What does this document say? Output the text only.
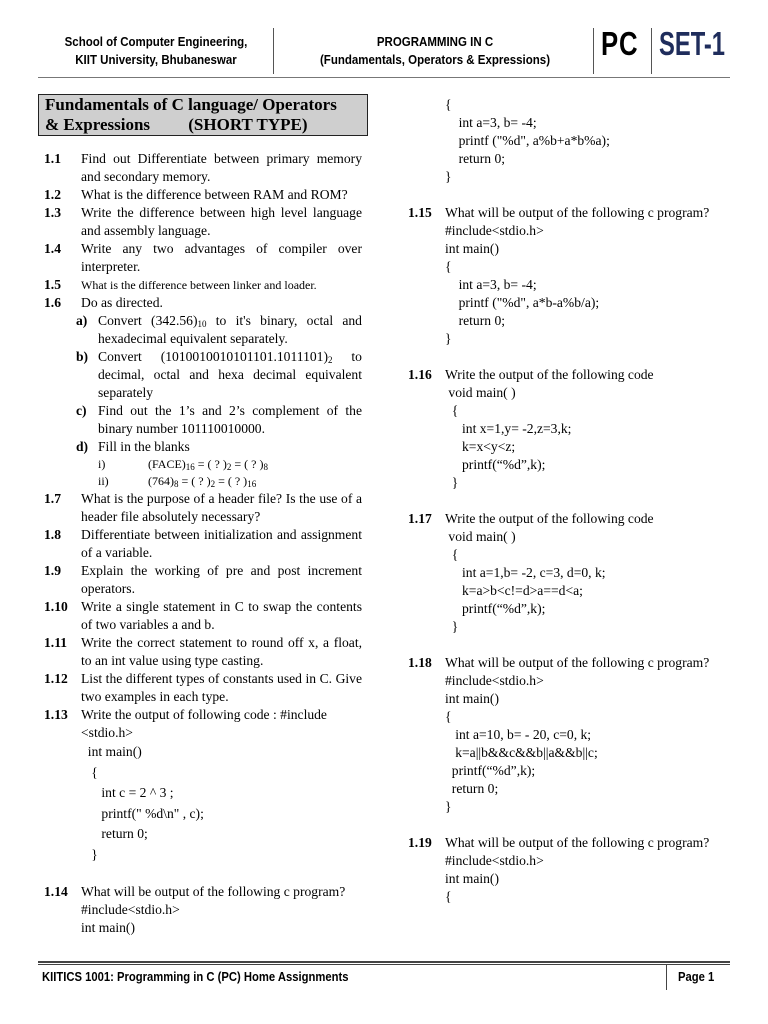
School of Computer Engineering,
KIIT University, Bhubaneswar
PROGRAMMING IN C
(Fundamentals, Operators & Expressions)	PC SET-1
Fundamentals of C language/ Operators
& Expressions         (SHORT TYPE)
1.1 Find out Differentiate between primary memory and secondary memory.
1.2 What is the difference between RAM and ROM?
1.3 Write the difference between high level language and assembly language.
1.4 Write any two advantages of compiler over interpreter.
1.5 What is the difference between linker and loader.
1.6 Do as directed.
a) Convert $(342.56)_{10}$ to it's binary, octal and hexadecimal equivalent separately.
b) Convert $(1010010010101101.1011101)_2$ to decimal, octal and hexa decimal equivalent separately
c) Find out the 1’s and 2’s complement of the binary number 101110010000.
d) Fill in the blanks
i)	$(FACE)_{16}$ = ( ? )$_2$ = ( ? )$_8$
ii)	$(764)_8$ = ( ? )$_2$ = ( ? )$_{16}$
1.7 What is the purpose of a header file? Is the use of a header file absolutely necessary?
1.8 Differentiate between initialization and assignment of a variable.
1.9 Explain the working of pre and post increment operators.
1.10 Write a single statement in C to swap the contents of two variables a and b.
1.11 Write the correct statement to round off x, a float, to an int value using type casting.
1.12 List the different types of constants used in C. Give two examples in each type.
1.13 Write the output of following code : #include <stdio.h>
int main()
{
int c = 2 ^ 3 ;
printf(" %d\n" , c);
return 0;
}
1.14 What will be output of the following c program?
#include<stdio.h>
int main()
{
int a=3, b= -4;
printf ("%d", a%b+a*b%a);
return 0;
}
1.15 What will be output of the following c program?
#include<stdio.h>
int main()
{
int a=3, b= -4;
printf ("%d", a*b-a%b/a);
return 0;
}
1.16 Write the output of the following code
void main( )
{
int x=1,y= -2,z=3,k;
k=x<y<z;
printf(“%d”,k);
}
1.17 Write the output of the following code
void main( )
{
int a=1,b= -2, c=3, d=0, k;
k=a>b<c!=d>a==d<a;
printf(“%d”,k);
}
1.18 What will be output of the following c program?
#include<stdio.h>
int main()
{
int a=10, b= - 20, c=0, k;
k=a||b&&c&&b||a&&b||c;
printf(“%d”,k);
return 0;
}
1.19 What will be output of the following c program?
#include<stdio.h>
int main()
{
KIITICS 1001: Programming in C (PC) Home Assignments	Page 1
